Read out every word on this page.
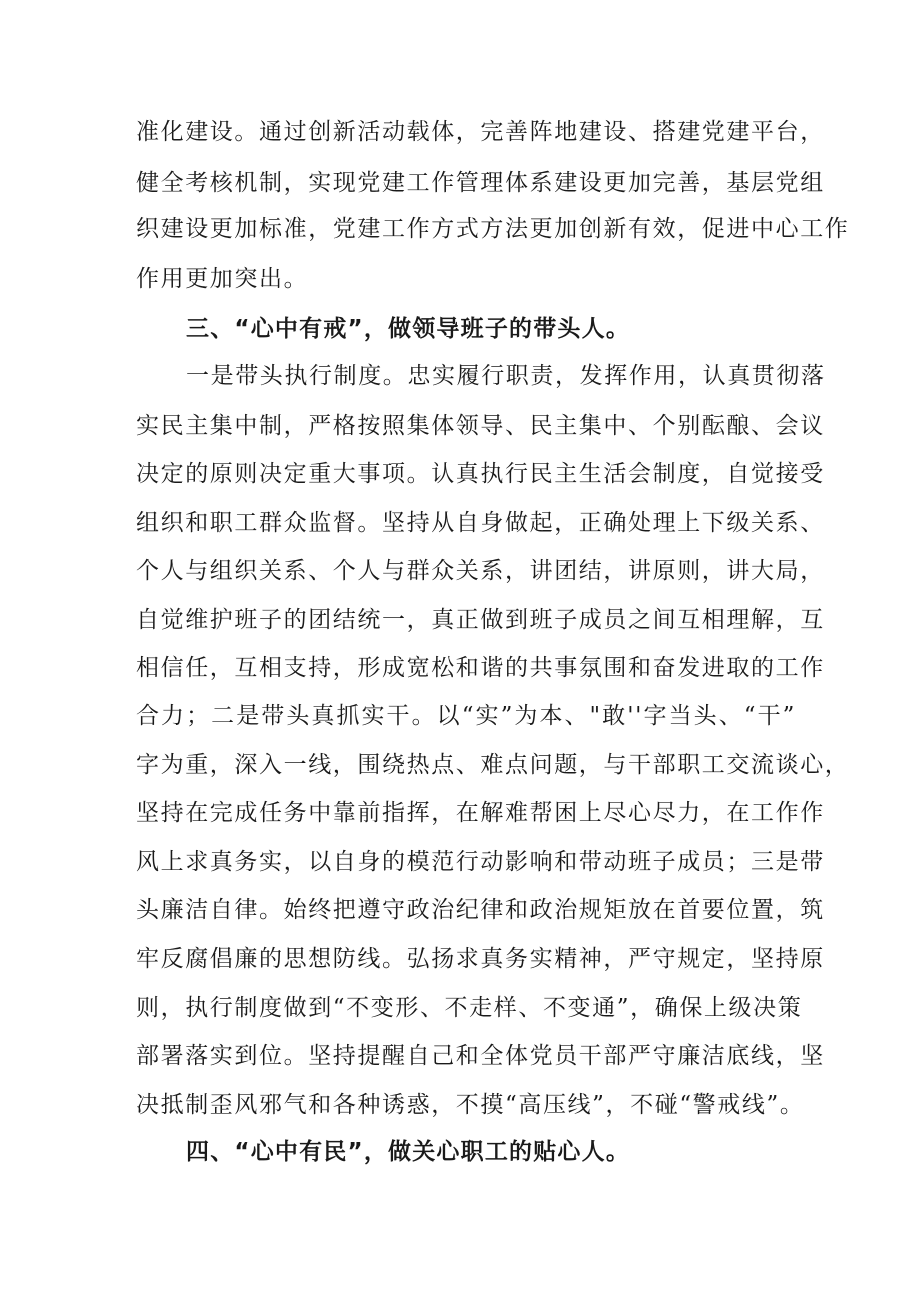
准化建设。通过创新活动载体，完善阵地建设、搭建党建平台，
健全考核机制，实现党建工作管理体系建设更加完善，基层党组
织建设更加标准，党建工作方式方法更加创新有效，促进中心工作
作用更加突出。
三、“心中有戒”，做领导班子的带头人。
一是带头执行制度。忠实履行职责，发挥作用，认真贯彻落
实民主集中制，严格按照集体领导、民主集中、个别酝酿、会议
决定的原则决定重大事项。认真执行民主生活会制度，自觉接受
组织和职工群众监督。坚持从自身做起，正确处理上下级关系、
个人与组织关系、个人与群众关系，讲团结，讲原则，讲大局，
自觉维护班子的团结统一，真正做到班子成员之间互相理解，互
相信任，互相支持，形成宽松和谐的共事氛围和奋发进取的工作
合力；二是带头真抓实干。以“实”为本、"敢''字当头、“干”
字为重，深入一线，围绕热点、难点问题，与干部职工交流谈心，
坚持在完成任务中靠前指挥，在解难帮困上尽心尽力，在工作作
风上求真务实，以自身的模范行动影响和带动班子成员；三是带
头廉洁自律。始终把遵守政治纪律和政治规矩放在首要位置，筑
牢反腐倡廉的思想防线。弘扬求真务实精神，严守规定，坚持原
则，执行制度做到“不变形、不走样、不变通”，确保上级决策
部署落实到位。坚持提醒自己和全体党员干部严守廉洁底线，坚
决抵制歪风邪气和各种诱惑，不摸“高压线”，不碰“警戒线”。
四、“心中有民”，做关心职工的贴心人。
